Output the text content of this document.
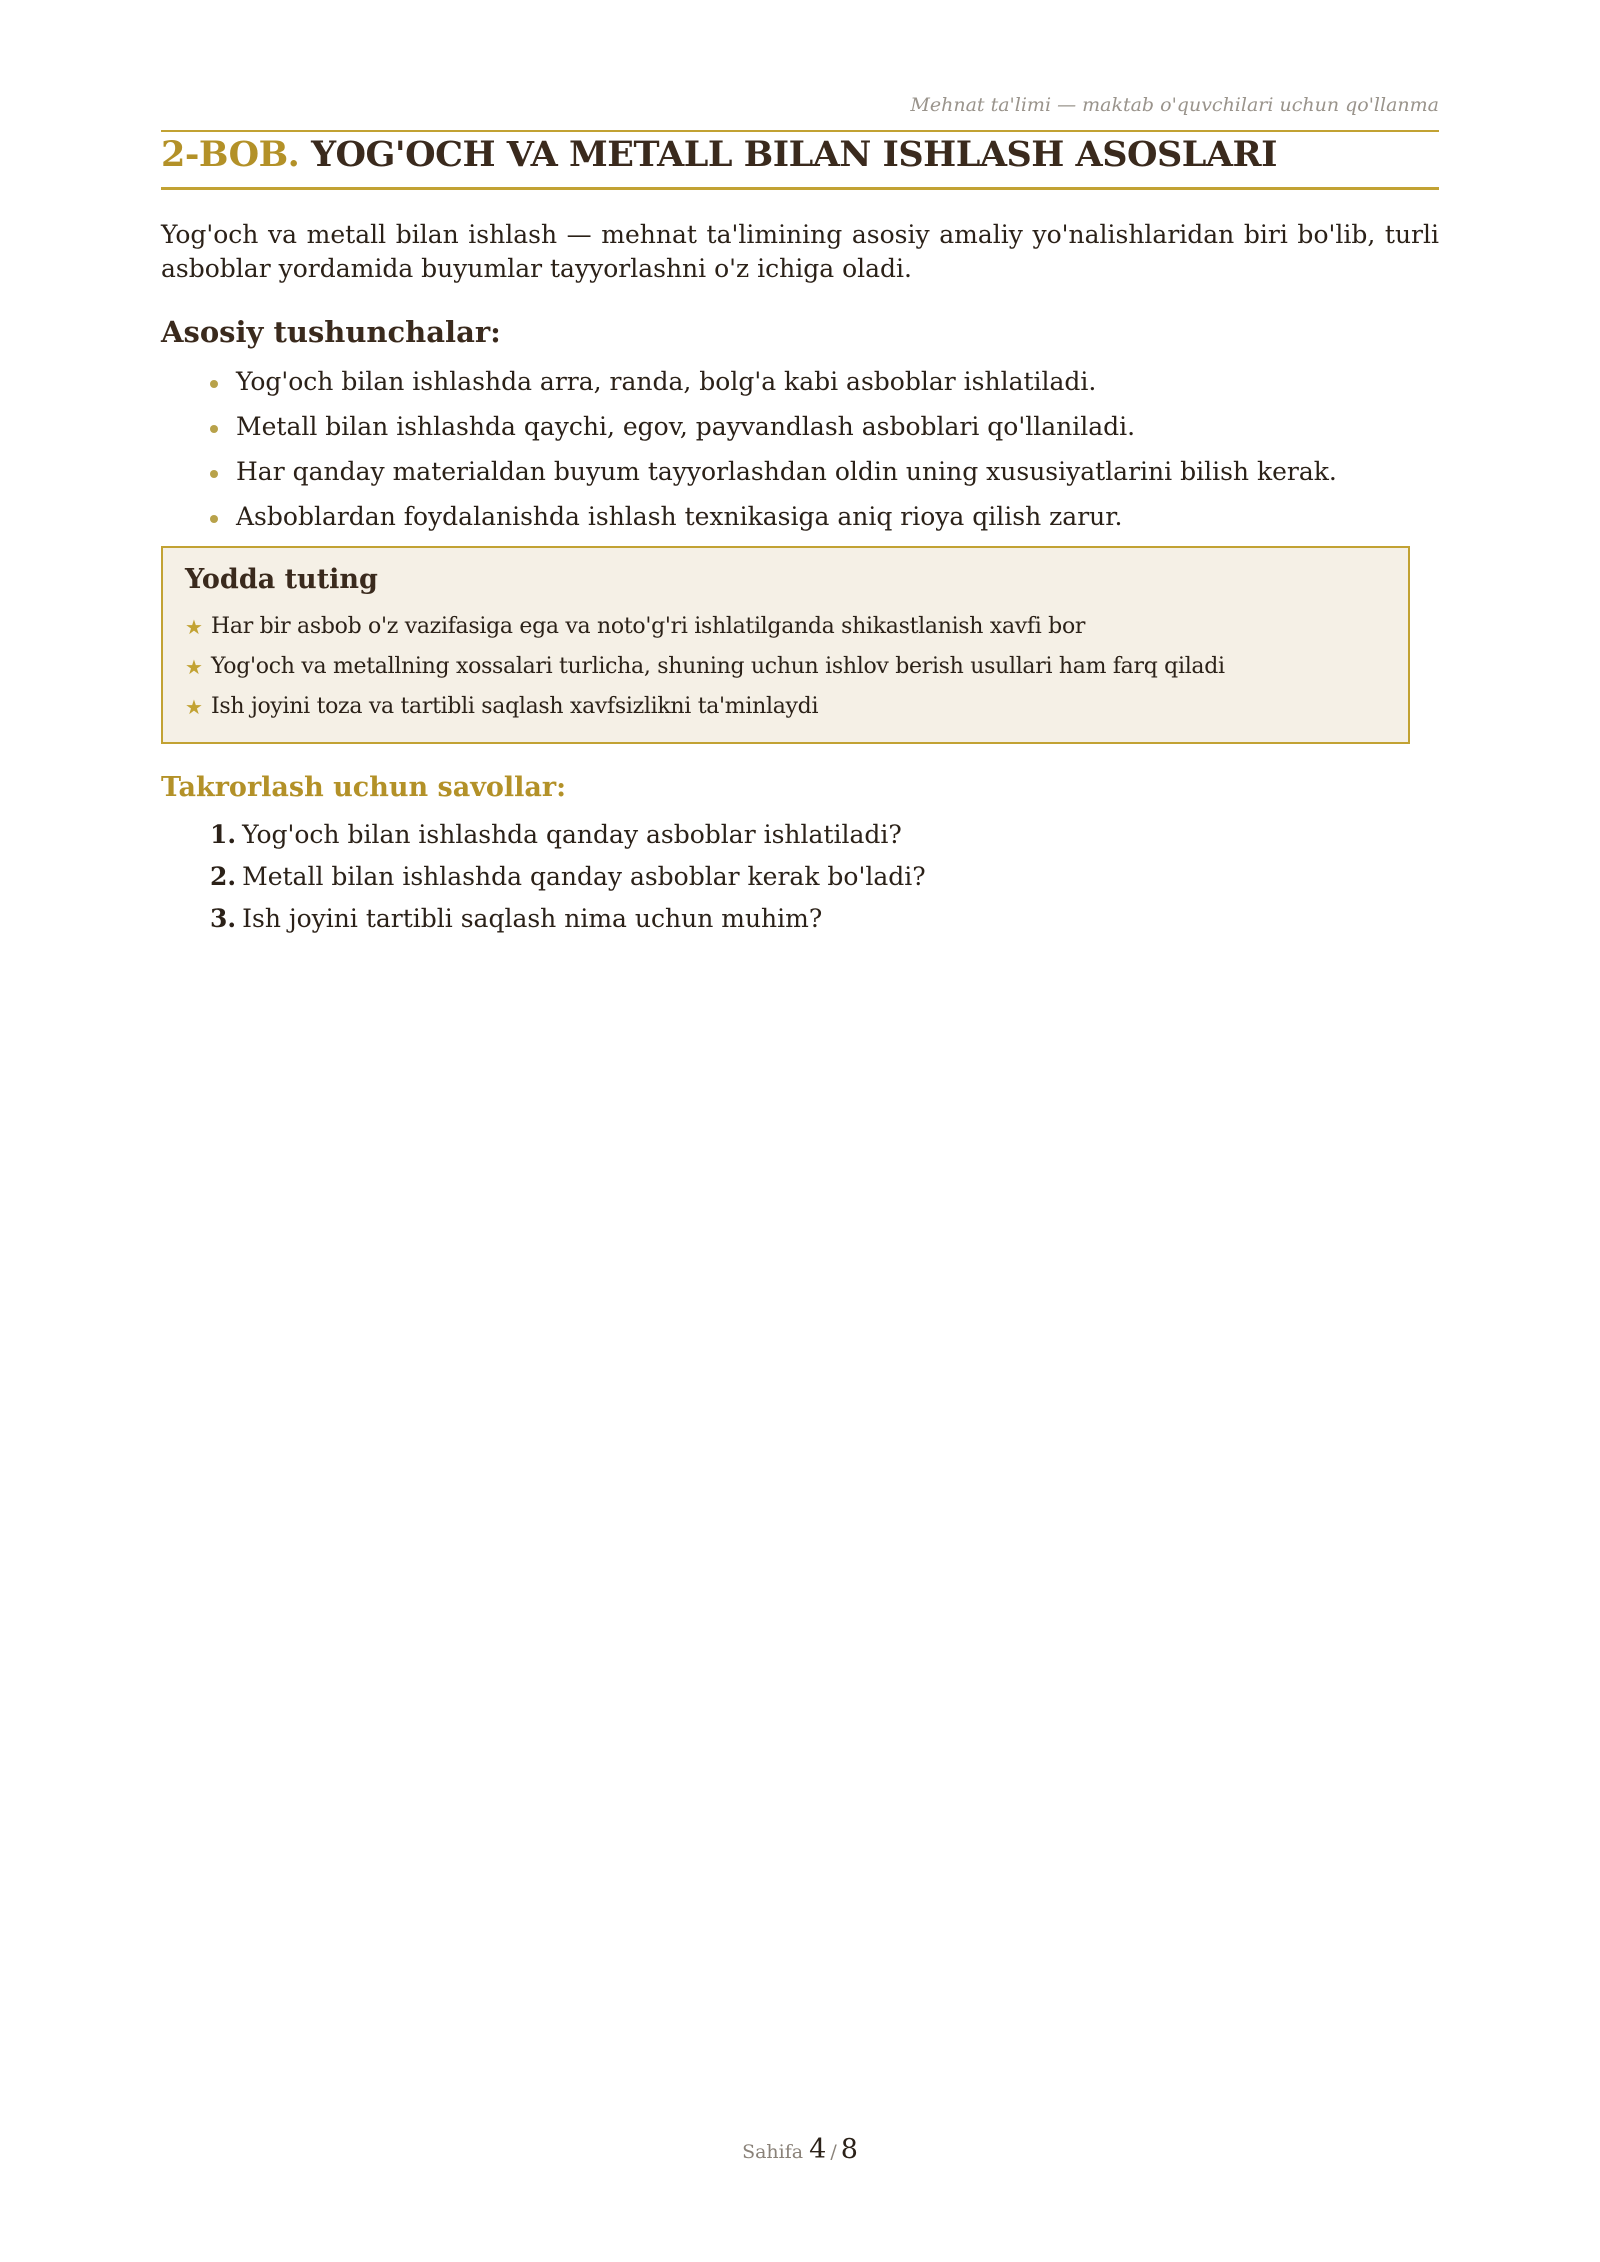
Mehnat ta'limi — maktab o'quvchilari uchun qo'llanma
2-BOB. YOG'OCH VA METALL BILAN ISHLASH ASOSLARI

Yog'och va metall bilan ishlash — mehnat ta'limining asosiy amaliy yo'nalishlaridan biri bo'lib, turli asboblar yordamida buyumlar tayyorlashni o'z ichiga oladi.

Asosiy tushunchalar:
Yog'och bilan ishlashda arra, randa, bolg'a kabi asboblar ishlatiladi.
Metall bilan ishlashda qaychi, egov, payvandlash asboblari qo'llaniladi.
Har qanday materialdan buyum tayyorlashdan oldin uning xususiyatlarini bilish kerak.
Asboblardan foydalanishda ishlash texnikasiga aniq rioya qilish zarur.
Yodda tuting
★ Har bir asbob o'z vazifasiga ega va noto'g'ri ishlatilganda shikastlanish xavfi bor
★ Yog'och va metallning xossalari turlicha, shuning uchun ishlov berish usullari ham farq qiladi
★ Ish joyini toza va tartibli saqlash xavfsizlikni ta'minlaydi
Takrorlash uchun savollar:
1. Yog'och bilan ishlashda qanday asboblar ishlatiladi?
2. Metall bilan ishlashda qanday asboblar kerak bo'ladi?
3. Ish joyini tartibli saqlash nima uchun muhim?
Sahifa 4 / 8
